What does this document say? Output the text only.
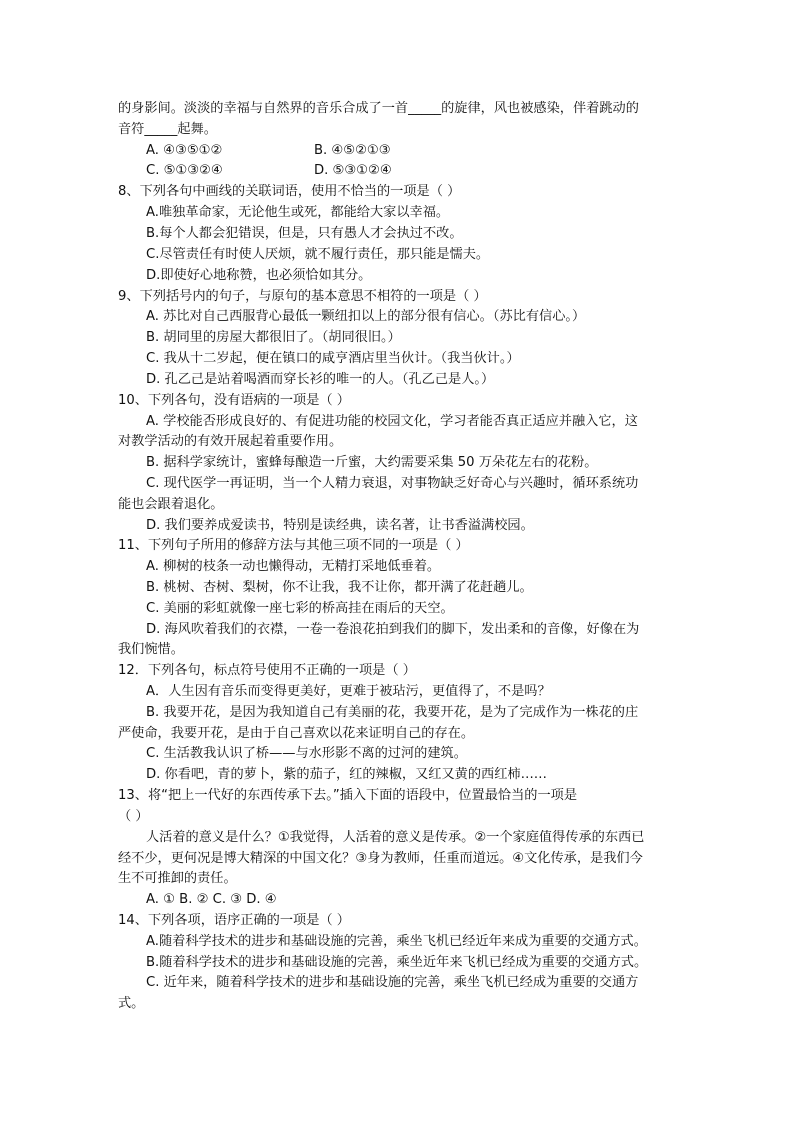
的身影间。淡淡的幸福与自然界的音乐合成了一首_____的旋律，风也被感染，伴着跳动的
音符_____起舞。
A. ④③⑤①②	B. ④⑤②①③
C. ⑤①③②④	D. ⑤③①②④
8、下列各句中画线的关联词语，使用不恰当的一项是（ ）
A.唯独革命家，无论他生或死，都能给大家以幸福。
B.每个人都会犯错误，但是，只有愚人才会执过不改。
C.尽管责任有时使人厌烦，就不履行责任，那只能是懦夫。
D.即使好心地称赞，也必须恰如其分。
9、下列括号内的句子，与原句的基本意思不相符的一项是（ ）
A. 苏比对自己西服背心最低一颗纽扣以上的部分很有信心。（苏比有信心。）
B. 胡同里的房屋大都很旧了。（胡同很旧。）
C. 我从十二岁起，便在镇口的咸亨酒店里当伙计。（我当伙计。）
D. 孔乙己是站着喝酒而穿长衫的唯一的人。（孔乙己是人。）
10、下列各句，没有语病的一项是（ ）
A. 学校能否形成良好的、有促进功能的校园文化，学习者能否真正适应并融入它，这
对教学活动的有效开展起着重要作用。
B. 据科学家统计，蜜蜂每酿造一斤蜜，大约需要采集 50 万朵花左右的花粉。
C. 现代医学一再证明，当一个人精力衰退，对事物缺乏好奇心与兴趣时，循环系统功
能也会跟着退化。
D. 我们要养成爱读书，特别是读经典，读名著，让书香溢满校园。
11、下列句子所用的修辞方法与其他三项不同的一项是（ ）
A. 柳树的枝条一动也懒得动，无精打采地低垂着。
B. 桃树、杏树、梨树，你不让我，我不让你，都开满了花赶趟儿。
C. 美丽的彩虹就像一座七彩的桥高挂在雨后的天空。
D. 海风吹着我们的衣襟，一卷一卷浪花拍到我们的脚下，发出柔和的音像，好像在为
我们惋惜。
12．下列各句，标点符号使用不正确的一项是（ ）
A．人生因有音乐而变得更美好，更难于被玷污，更值得了，不是吗？
B. 我要开花，是因为我知道自己有美丽的花，我要开花，是为了完成作为一株花的庄
严使命，我要开花，是由于自己喜欢以花来证明自己的存在。
C. 生活教我认识了桥——与水形影不离的过河的建筑。
D. 你看吧，青的萝卜，紫的茄子，红的辣椒，又红又黄的西红柿……
13、将“把上一代好的东西传承下去。”插入下面的语段中，位置最恰当的一项是
（ ）
人活着的意义是什么？①我觉得，人活着的意义是传承。②一个家庭值得传承的东西已
经不少，更何况是博大精深的中国文化？③身为教师，任重而道远。④文化传承，是我们今
生不可推卸的责任。
A. ① B. ② C. ③ D. ④
14、下列各项，语序正确的一项是（ ）
A.随着科学技术的进步和基础设施的完善，乘坐飞机已经近年来成为重要的交通方式。
B.随着科学技术的进步和基础设施的完善，乘坐近年来飞机已经成为重要的交通方式。
C. 近年来，随着科学技术的进步和基础设施的完善，乘坐飞机已经成为重要的交通方
式。
